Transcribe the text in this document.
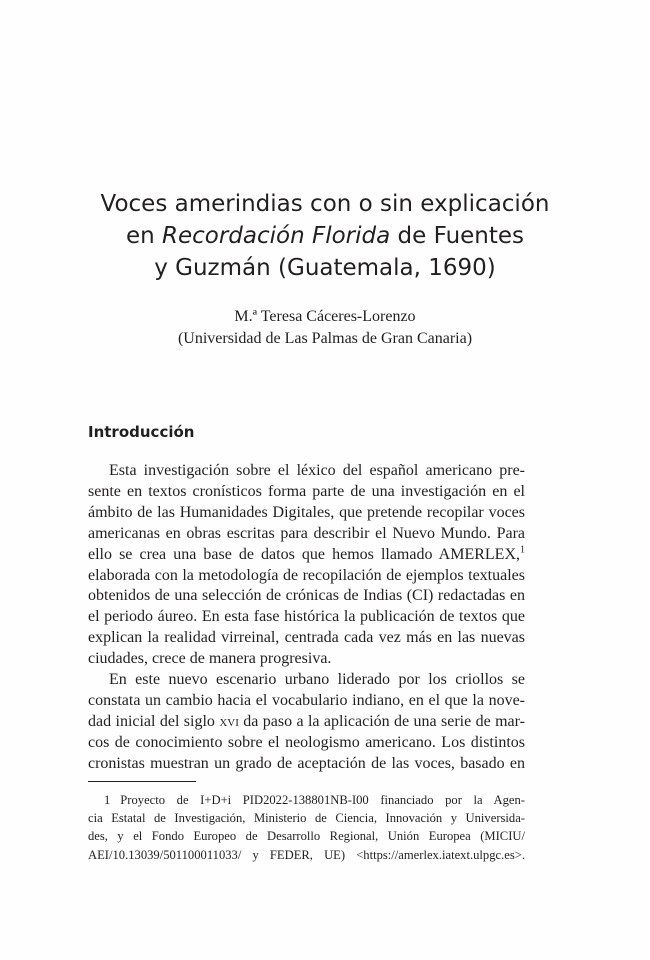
Voces amerindias con o sin explicación
en Recordación Florida de Fuentes
y Guzmán (Guatemala, 1690)
M.ª Teresa Cáceres-Lorenzo
(Universidad de Las Palmas de Gran Canaria)
Introducción
Esta investigación sobre el léxico del español americano pre-
sente en textos cronísticos forma parte de una investigación en el
ámbito de las Humanidades Digitales, que pretende recopilar voces
americanas en obras escritas para describir el Nuevo Mundo. Para
ello se crea una base de datos que hemos llamado AMERLEX,$^1$
elaborada con la metodología de recopilación de ejemplos textuales
obtenidos de una selección de crónicas de Indias (CI) redactadas en
el periodo áureo. En esta fase histórica la publicación de textos que
explican la realidad virreinal, centrada cada vez más en las nuevas
ciudades, crece de manera progresiva.
En este nuevo escenario urbano liderado por los criollos se
constata un cambio hacia el vocabulario indiano, en el que la nove-
dad inicial del siglo xvi da paso a la aplicación de una serie de mar-
cos de conocimiento sobre el neologismo americano. Los distintos
cronistas muestran un grado de aceptación de las voces, basado en
1 Proyecto de I+D+i PID2022-138801NB-I00 financiado por la Agen-
cia Estatal de Investigación, Ministerio de Ciencia, Innovación y Universida-
des, y el Fondo Europeo de Desarrollo Regional, Unión Europea (MICIU/
AEI/10.13039/501100011033/ y FEDER, UE) <https://amerlex.iatext.ulpgc.es>.
